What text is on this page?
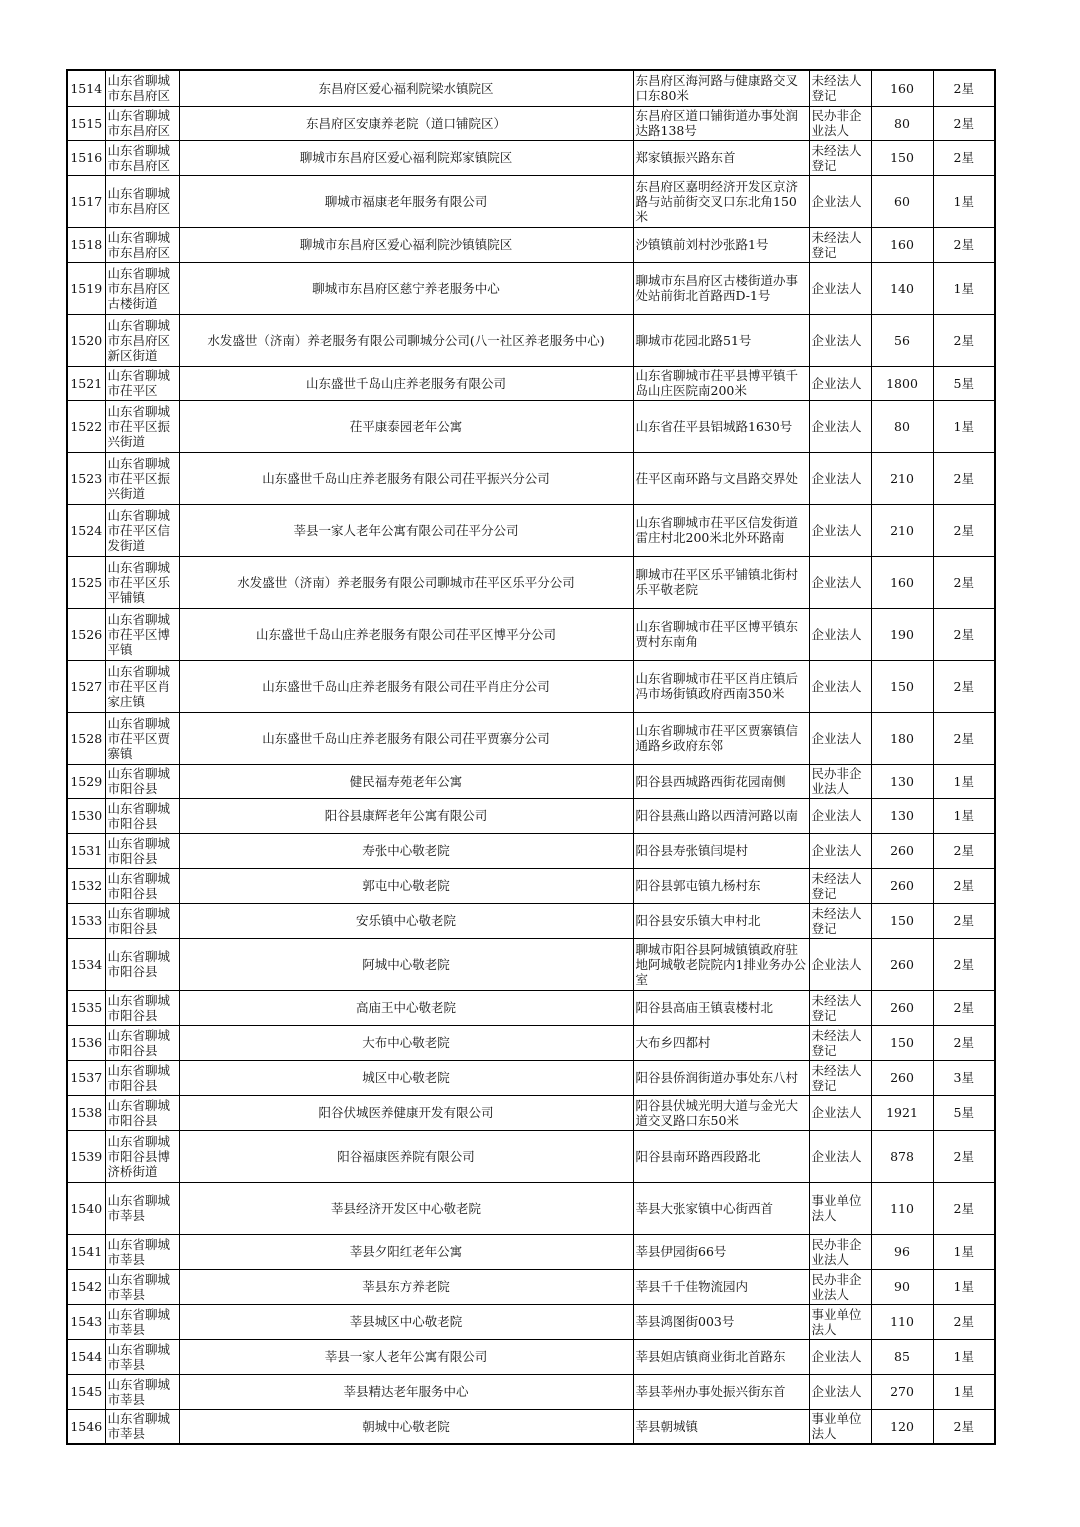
1514	山东省聊城市东昌府区	东昌府区爱心福利院梁水镇院区	东昌府区海河路与健康路交叉口东80米	未经法人登记	160	2星
1515	山东省聊城市东昌府区	东昌府区安康养老院（道口铺院区）	东昌府区道口铺街道办事处润达路138号	民办非企业法人	80	2星
1516	山东省聊城市东昌府区	聊城市东昌府区爱心福利院郑家镇院区	郑家镇振兴路东首	未经法人登记	150	2星
1517	山东省聊城市东昌府区	聊城市福康老年服务有限公司	东昌府区嘉明经济开发区京济路与站前街交叉口东北角150米	企业法人	60	1星
1518	山东省聊城市东昌府区	聊城市东昌府区爱心福利院沙镇镇院区	沙镇镇前刘村沙张路1号	未经法人登记	160	2星
1519	山东省聊城市东昌府区古楼街道	聊城市东昌府区慈宁养老服务中心	聊城市东昌府区古楼街道办事处站前街北首路西D-1号	企业法人	140	1星
1520	山东省聊城市东昌府区新区街道	水发盛世（济南）养老服务有限公司聊城分公司(八一社区养老服务中心)	聊城市花园北路51号	企业法人	56	2星
1521	山东省聊城市茌平区	山东盛世千岛山庄养老服务有限公司	山东省聊城市茌平县博平镇千岛山庄医院南200米	企业法人	1800	5星
1522	山东省聊城市茌平区振兴街道	茌平康泰园老年公寓	山东省茌平县铝城路1630号	企业法人	80	1星
1523	山东省聊城市茌平区振兴街道	山东盛世千岛山庄养老服务有限公司茌平振兴分公司	茌平区南环路与文昌路交界处	企业法人	210	2星
1524	山东省聊城市茌平区信发街道	莘县一家人老年公寓有限公司茌平分公司	山东省聊城市茌平区信发街道雷庄村北200米北外环路南	企业法人	210	2星
1525	山东省聊城市茌平区乐平铺镇	水发盛世（济南）养老服务有限公司聊城市茌平区乐平分公司	聊城市茌平区乐平铺镇北街村乐平敬老院	企业法人	160	2星
1526	山东省聊城市茌平区博平镇	山东盛世千岛山庄养老服务有限公司茌平区博平分公司	山东省聊城市茌平区博平镇东贾村东南角	企业法人	190	2星
1527	山东省聊城市茌平区肖家庄镇	山东盛世千岛山庄养老服务有限公司茌平肖庄分公司	山东省聊城市茌平区肖庄镇后冯市场街镇政府西南350米	企业法人	150	2星
1528	山东省聊城市茌平区贾寨镇	山东盛世千岛山庄养老服务有限公司茌平贾寨分公司	山东省聊城市茌平区贾寨镇信通路乡政府东邻	企业法人	180	2星
1529	山东省聊城市阳谷县	健民福寿苑老年公寓	阳谷县西城路西街花园南侧	民办非企业法人	130	1星
1530	山东省聊城市阳谷县	阳谷县康辉老年公寓有限公司	阳谷县燕山路以西清河路以南	企业法人	130	1星
1531	山东省聊城市阳谷县	寿张中心敬老院	阳谷县寿张镇闫堤村	企业法人	260	2星
1532	山东省聊城市阳谷县	郭屯中心敬老院	阳谷县郭屯镇九杨村东	未经法人登记	260	2星
1533	山东省聊城市阳谷县	安乐镇中心敬老院	阳谷县安乐镇大申村北	未经法人登记	150	2星
1534	山东省聊城市阳谷县	阿城中心敬老院	聊城市阳谷县阿城镇镇政府驻地阿城敬老院院内1排业务办公室	企业法人	260	2星
1535	山东省聊城市阳谷县	高庙王中心敬老院	阳谷县高庙王镇袁楼村北	未经法人登记	260	2星
1536	山东省聊城市阳谷县	大布中心敬老院	大布乡四都村	未经法人登记	150	2星
1537	山东省聊城市阳谷县	城区中心敬老院	阳谷县侨润街道办事处东八村	未经法人登记	260	3星
1538	山东省聊城市阳谷县	阳谷伏城医养健康开发有限公司	阳谷县伏城光明大道与金光大道交叉路口东50米	企业法人	1921	5星
1539	山东省聊城市阳谷县博济桥街道	阳谷福康医养院有限公司	阳谷县南环路西段路北	企业法人	878	2星
1540	山东省聊城市莘县	莘县经济开发区中心敬老院	莘县大张家镇中心街西首	事业单位法人	110	2星
1541	山东省聊城市莘县	莘县夕阳红老年公寓	莘县伊园街66号	民办非企业法人	96	1星
1542	山东省聊城市莘县	莘县东方养老院	莘县千千佳物流园内	民办非企业法人	90	1星
1543	山东省聊城市莘县	莘县城区中心敬老院	莘县鸿图街003号	事业单位法人	110	2星
1544	山东省聊城市莘县	莘县一家人老年公寓有限公司	莘县妲店镇商业街北首路东	企业法人	85	1星
1545	山东省聊城市莘县	莘县精达老年服务中心	莘县莘州办事处振兴街东首	企业法人	270	1星
1546	山东省聊城市莘县	朝城中心敬老院	莘县朝城镇	事业单位法人	120	2星
